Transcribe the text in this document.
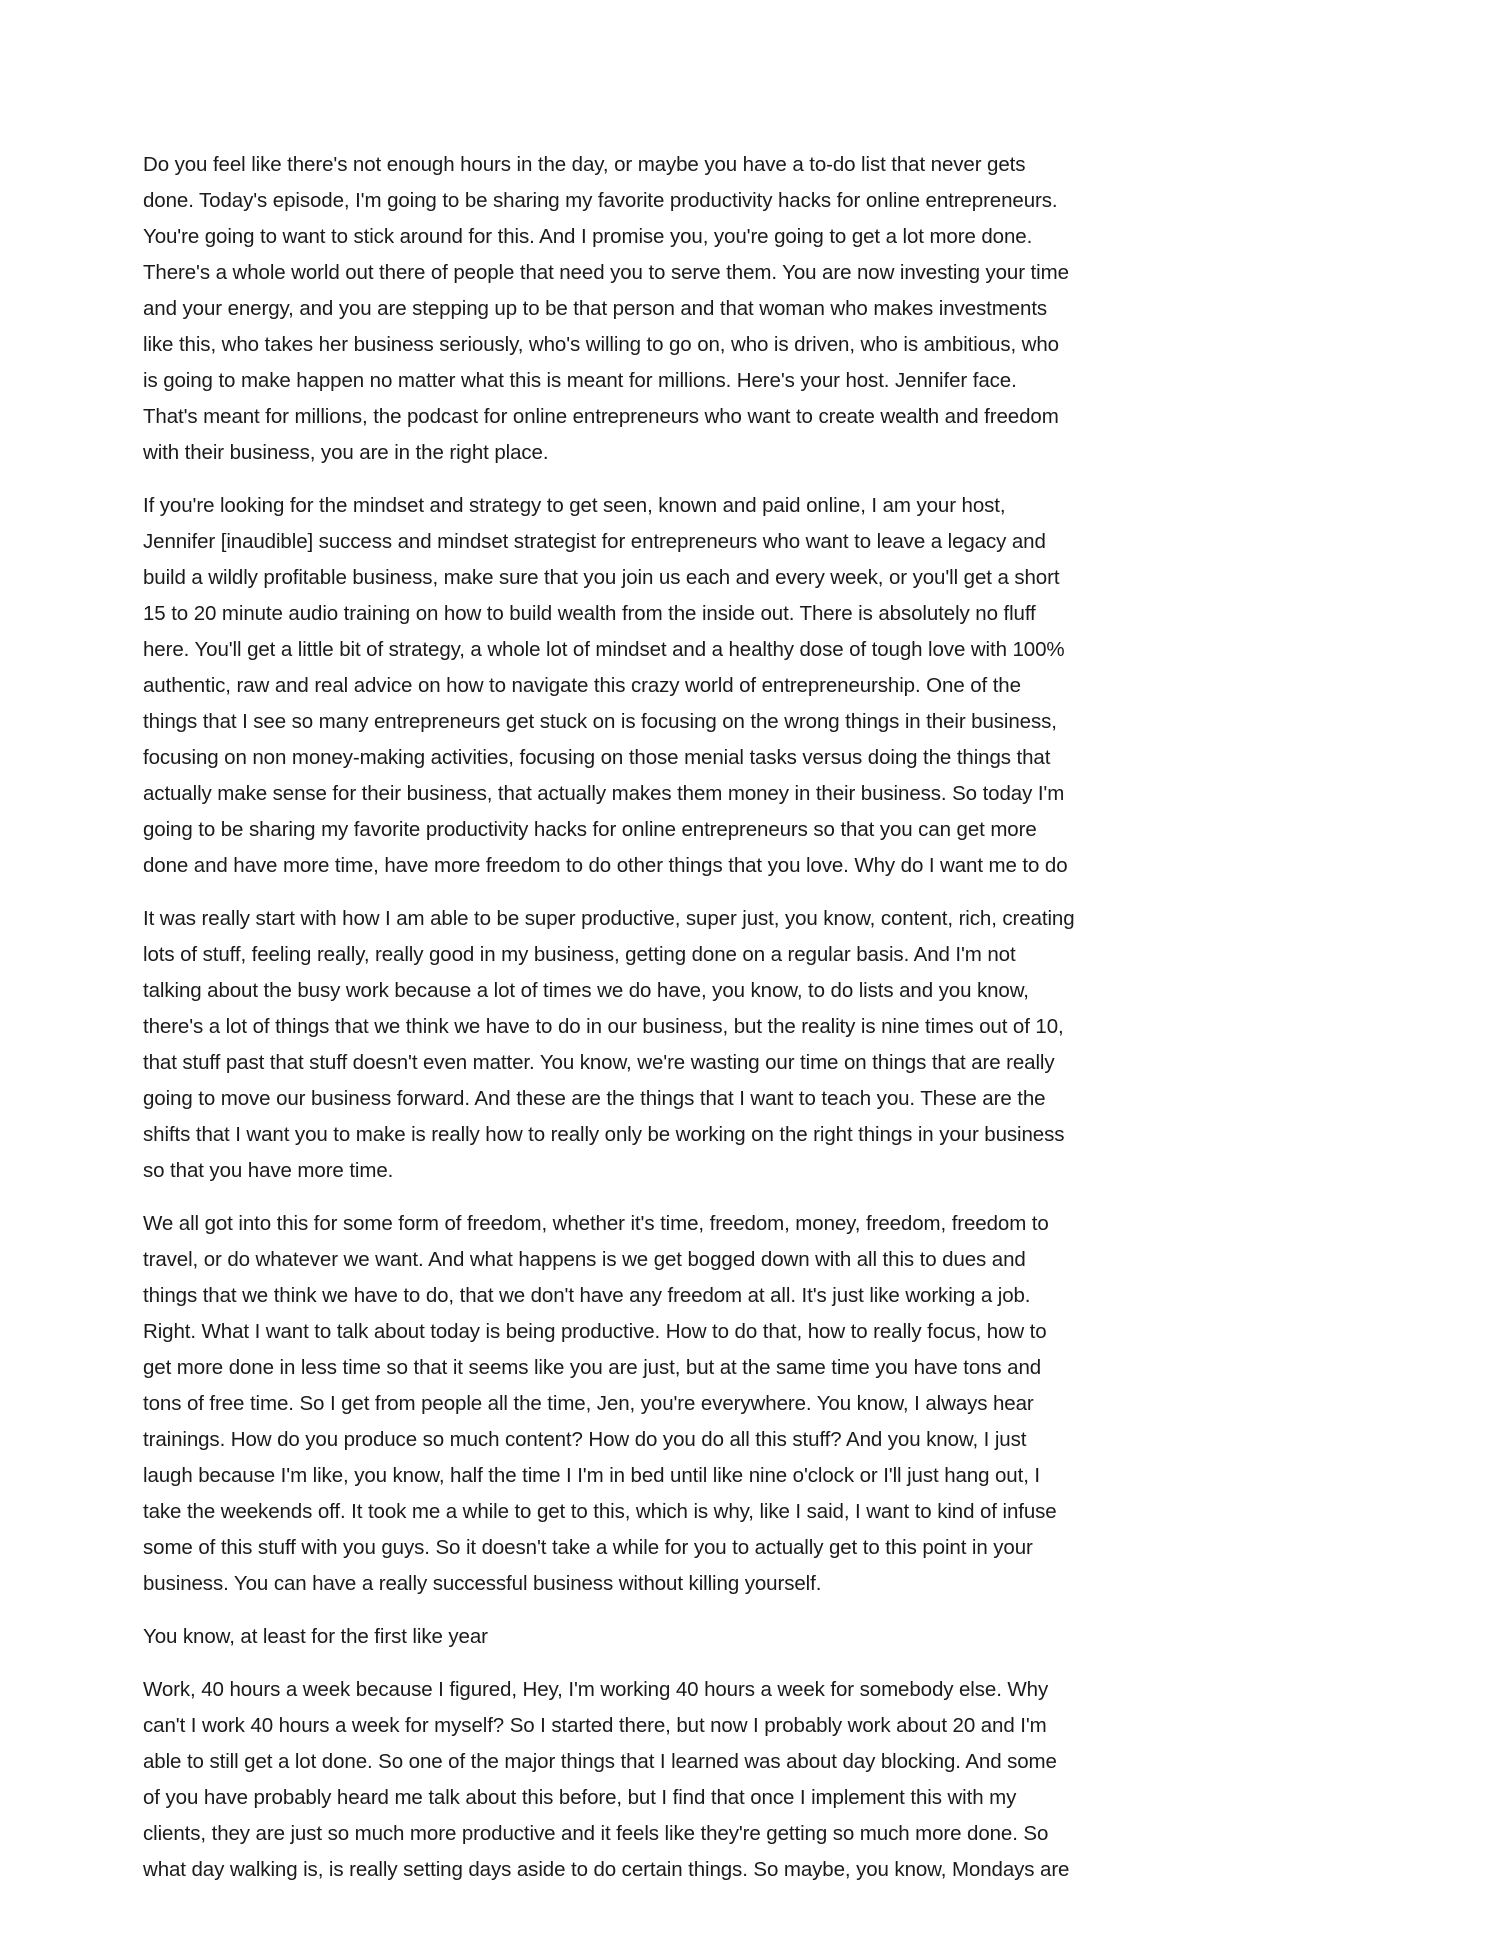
Do you feel like there's not enough hours in the day, or maybe you have a to-do list that never gets done. Today's episode, I'm going to be sharing my favorite productivity hacks for online entrepreneurs. You're going to want to stick around for this. And I promise you, you're going to get a lot more done. There's a whole world out there of people that need you to serve them. You are now investing your time and your energy, and you are stepping up to be that person and that woman who makes investments like this, who takes her business seriously, who's willing to go on, who is driven, who is ambitious, who is going to make happen no matter what this is meant for millions. Here's your host. Jennifer face. That's meant for millions, the podcast for online entrepreneurs who want to create wealth and freedom with their business, you are in the right place.

If you're looking for the mindset and strategy to get seen, known and paid online, I am your host, Jennifer [inaudible] success and mindset strategist for entrepreneurs who want to leave a legacy and build a wildly profitable business, make sure that you join us each and every week, or you'll get a short 15 to 20 minute audio training on how to build wealth from the inside out. There is absolutely no fluff here. You'll get a little bit of strategy, a whole lot of mindset and a healthy dose of tough love with 100% authentic, raw and real advice on how to navigate this crazy world of entrepreneurship. One of the things that I see so many entrepreneurs get stuck on is focusing on the wrong things in their business, focusing on non money-making activities, focusing on those menial tasks versus doing the things that actually make sense for their business, that actually makes them money in their business. So today I'm going to be sharing my favorite productivity hacks for online entrepreneurs so that you can get more done and have more time, have more freedom to do other things that you love. Why do I want me to do

It was really start with how I am able to be super productive, super just, you know, content, rich, creating lots of stuff, feeling really, really good in my business, getting done on a regular basis. And I'm not talking about the busy work because a lot of times we do have, you know, to do lists and you know, there's a lot of things that we think we have to do in our business, but the reality is nine times out of 10, that stuff past that stuff doesn't even matter. You know, we're wasting our time on things that are really going to move our business forward. And these are the things that I want to teach you. These are the shifts that I want you to make is really how to really only be working on the right things in your business so that you have more time.

We all got into this for some form of freedom, whether it's time, freedom, money, freedom, freedom to travel, or do whatever we want. And what happens is we get bogged down with all this to dues and things that we think we have to do, that we don't have any freedom at all. It's just like working a job. Right. What I want to talk about today is being productive. How to do that, how to really focus, how to get more done in less time so that it seems like you are just, but at the same time you have tons and tons of free time. So I get from people all the time, Jen, you're everywhere. You know, I always hear trainings. How do you produce so much content? How do you do all this stuff? And you know, I just laugh because I'm like, you know, half the time I I'm in bed until like nine o'clock or I'll just hang out, I take the weekends off. It took me a while to get to this, which is why, like I said, I want to kind of infuse some of this stuff with you guys. So it doesn't take a while for you to actually get to this point in your business. You can have a really successful business without killing yourself.

You know, at least for the first like year

Work, 40 hours a week because I figured, Hey, I'm working 40 hours a week for somebody else. Why can't I work 40 hours a week for myself? So I started there, but now I probably work about 20 and I'm able to still get a lot done. So one of the major things that I learned was about day blocking. And some of you have probably heard me talk about this before, but I find that once I implement this with my clients, they are just so much more productive and it feels like they're getting so much more done. So what day walking is, is really setting days aside to do certain things. So maybe, you know, Mondays are
